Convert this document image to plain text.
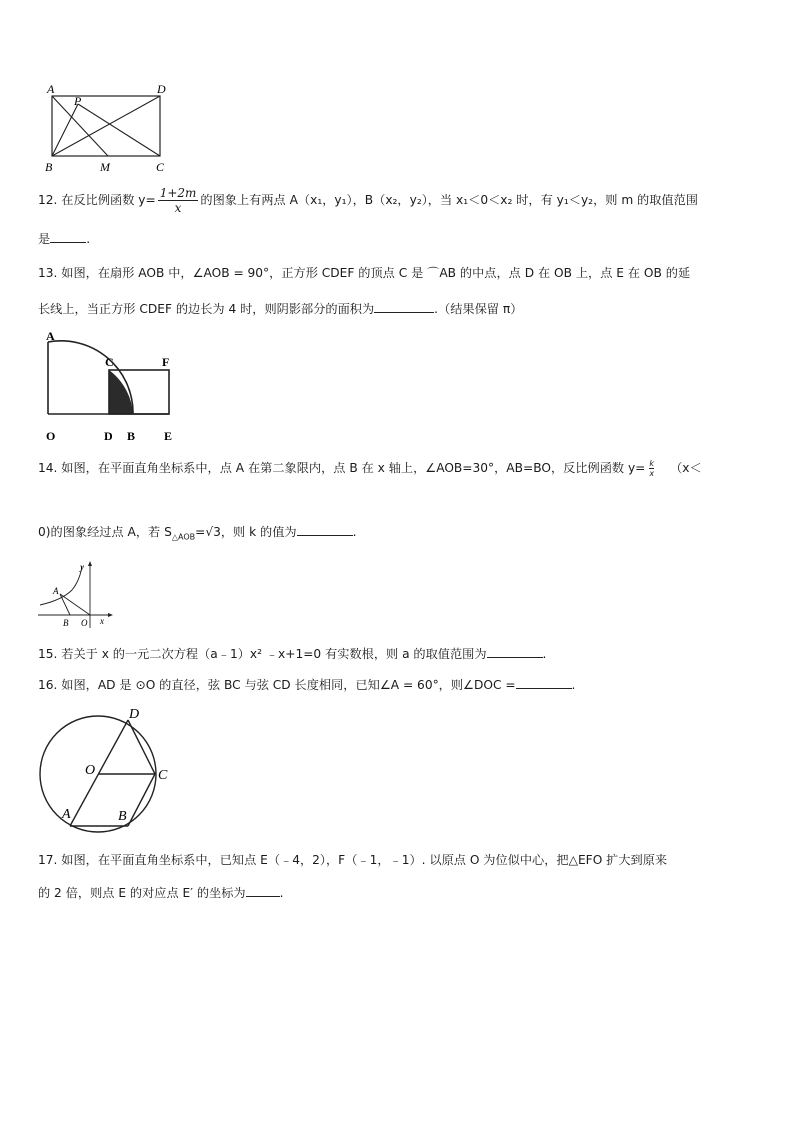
A
P
D
B	M	C
12. 在反比例函数 $y= \frac{1+2m}{x}$ 的图象上有两点 A（x₁，y₁），B（x₂，y₂），当 x₁＜0＜x₂ 时，有 y₁＜y₂，则 m 的取值范围
是	.
13. 如图，在扇形 AOB 中，∠AOB = 90°，正方形 CDEF 的顶点 C 是 ⌒AB 的中点，点 D 在 OB 上，点 E 在 OB 的延
长线上，当正方形 CDEF 的边长为 4 时，则阴影部分的面积为	.（结果保留 π）
A
C	F
O	D B E
14. 如图，在平面直角坐标系中，点 A 在第二象限内，点 B 在 x 轴上，∠AOB=30°，AB=BO，反比例函数 $y= \frac{k}{x} (x<$
0)的图象经过点 A，若 $S_{\triangle AOB}=√3$，则 k 的值为	.
y
A
B O x
15. 若关于 x 的一元二次方程（a﹣1）x² ﹣x+1=0 有实数根，则 a 的取值范围为	.
16. 如图，AD 是 ⊙O 的直径，弦 BC 与弦 CD 长度相同，已知∠A = 60°，则∠DOC =	.
D
O	C
A	B
17. 如图，在平面直角坐标系中，已知点 E（﹣4，2），F（﹣1，﹣1）. 以原点 O 为位似中心，把△EFO 扩大到原来
的 2 倍，则点 E 的对应点 E′ 的坐标为	.
